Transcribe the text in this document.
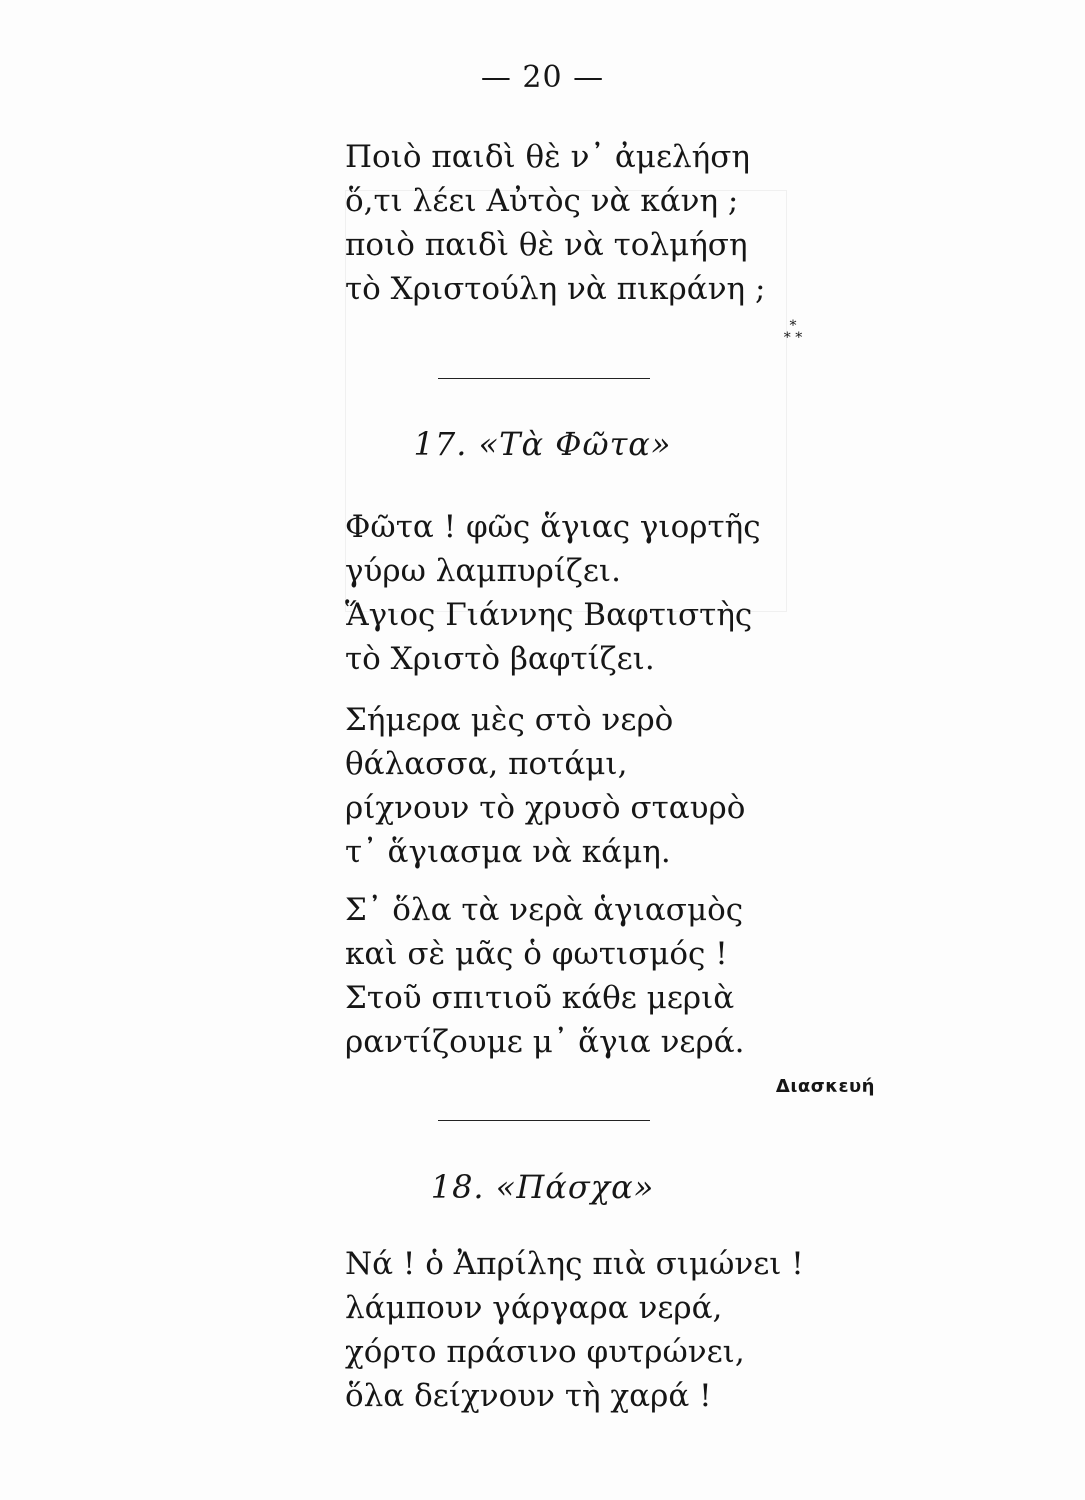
— 20 —
Ποιὸ παιδὶ θὲ ν᾽ ἀμελήση
ὅ,τι λέει Αὐτὸς νὰ κάνη ;
ποιὸ παιδὶ θὲ νὰ τολμήση
τὸ Χριστούλη νὰ πικράνη ;
*
* *
17. «Τὰ Φῶτα»
Φῶτα ! φῶς ἅγιας γιορτῆς
γύρω λαμπυρίζει.
Ἅγιος Γιάννης Βαφτιστὴς
τὸ Χριστὸ βαφτίζει.
Σήμερα μὲς στὸ νερὸ
θάλασσα, ποτάμι,
ρίχνουν τὸ χρυσὸ σταυρὸ
τ᾽ ἅγιασμα νὰ κάμη.
Σ᾽ ὅλα τὰ νερὰ ἁγιασμὸς
καὶ σὲ μᾶς ὁ φωτισμός !
Στοῦ σπιτιοῦ κάθε μεριὰ
ραντίζουμε μ᾽ ἅγια νερά.
Διασκευή
18. «Πάσχα»
Νά ! ὁ Ἀπρίλης πιὰ σιμώνει !
λάμπουν γάργαρα νερά,
χόρτο πράσινο φυτρώνει,
ὅλα δείχνουν τὴ χαρά !
